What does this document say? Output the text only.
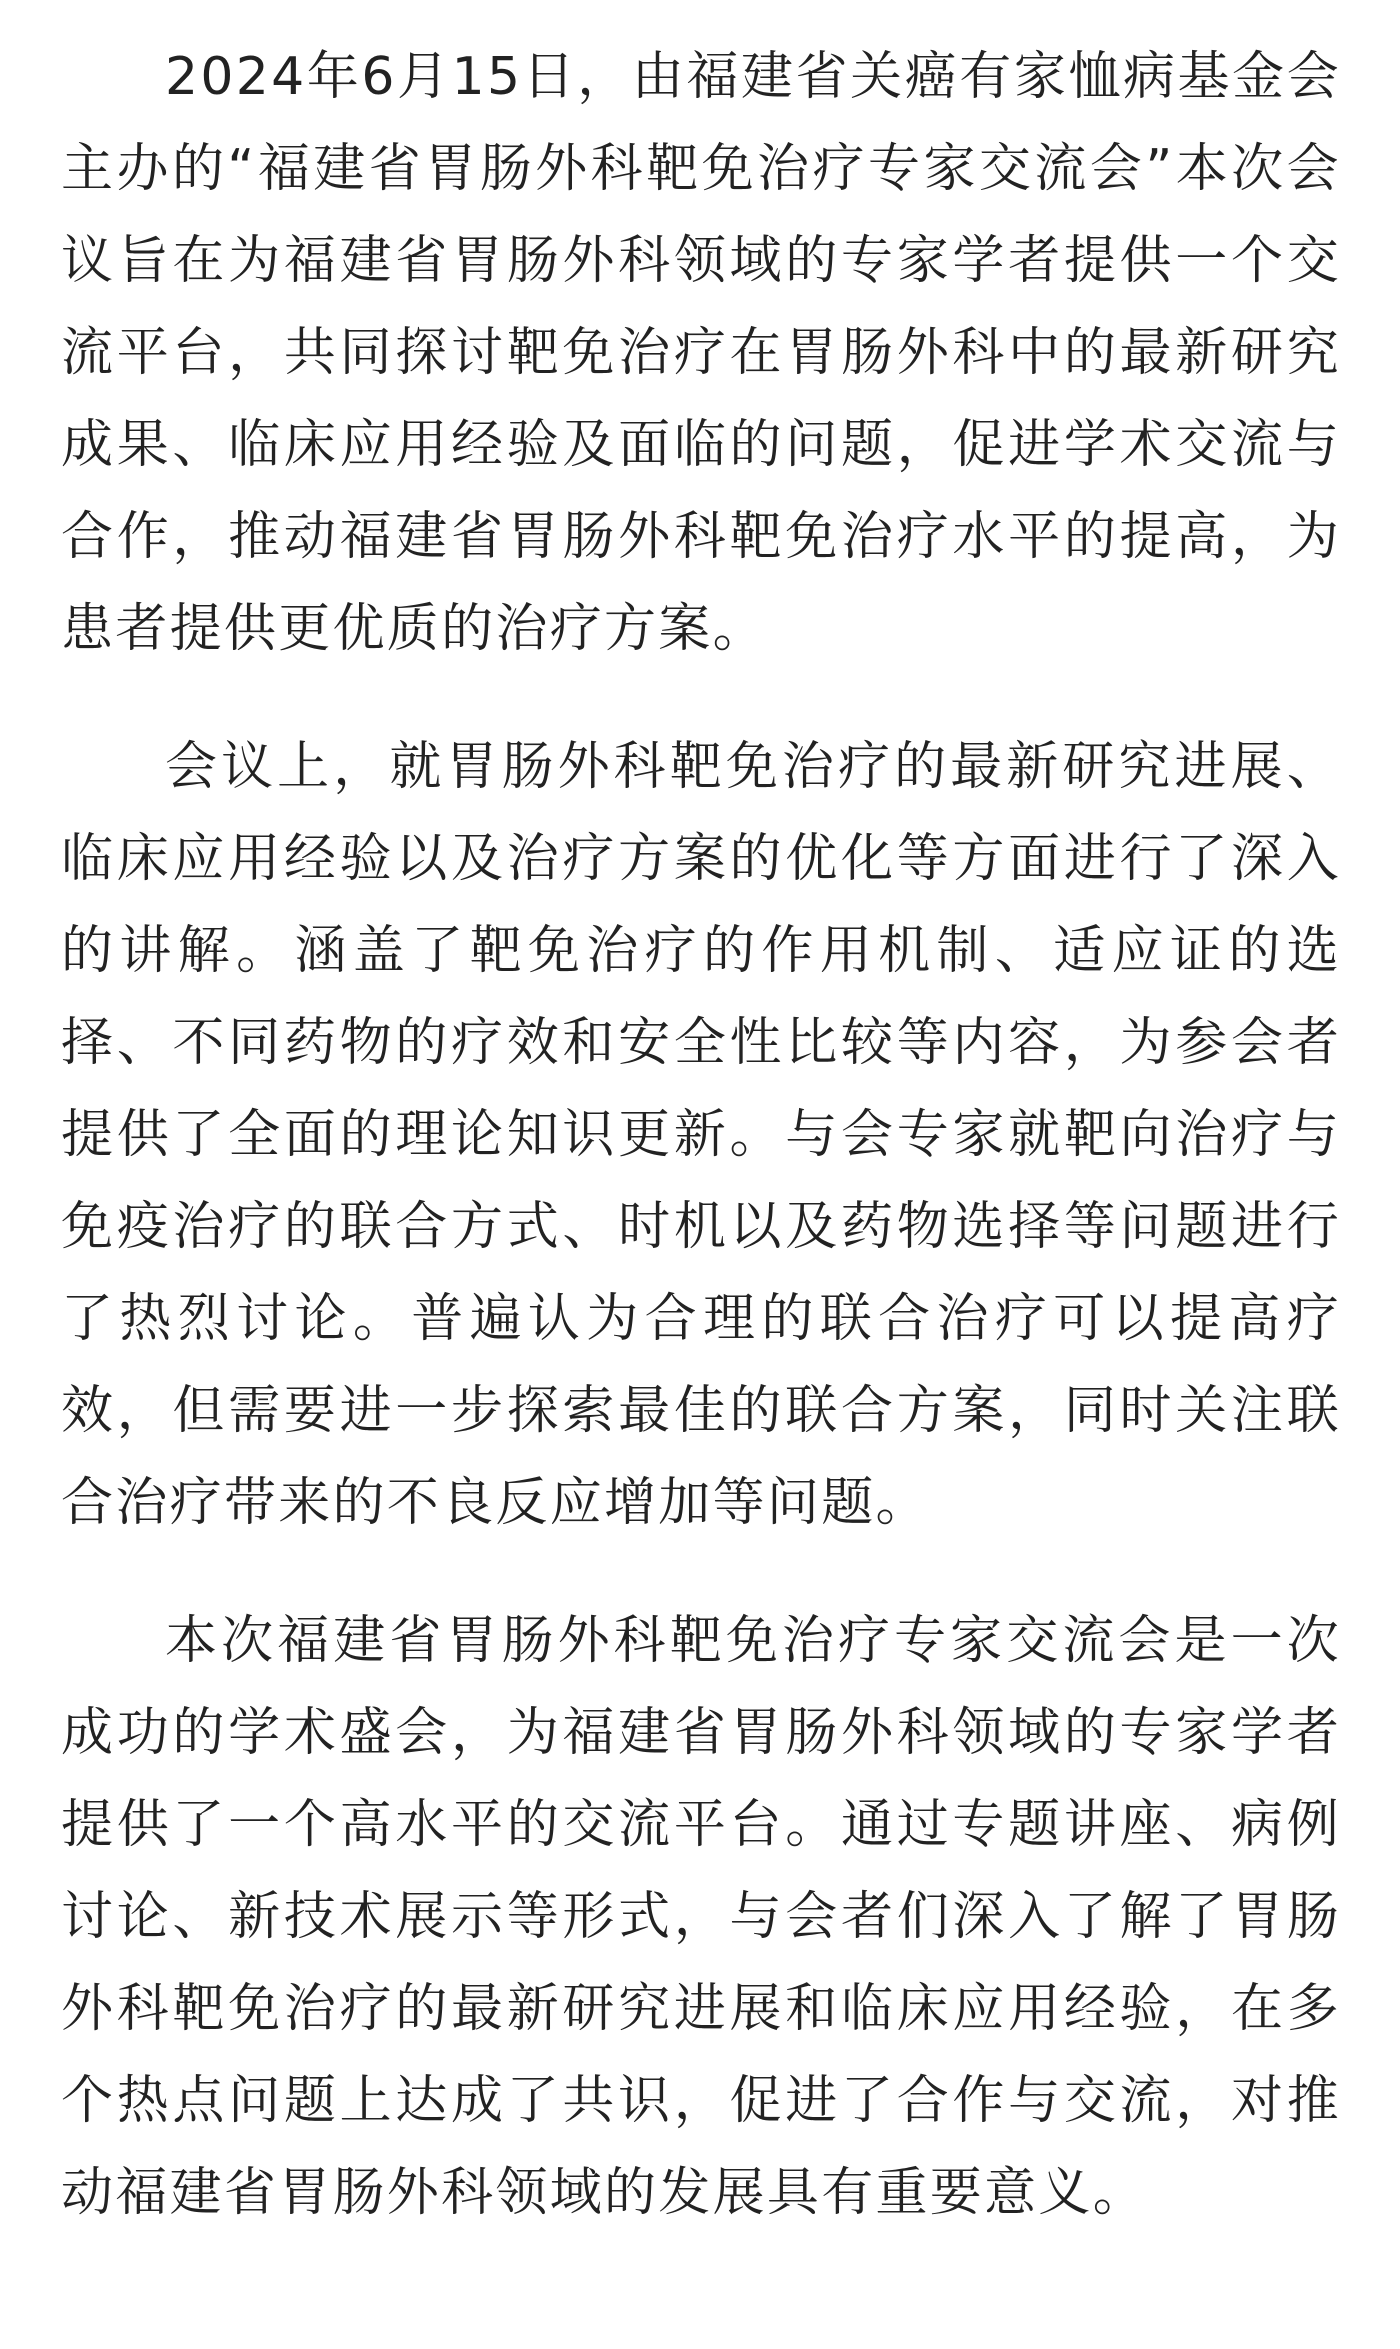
2024年6月15日，由福建省关癌有家恤病基金会主办的“福建省胃肠外科靶免治疗专家交流会”本次会议旨在为福建省胃肠外科领域的专家学者提供一个交流平台，共同探讨靶免治疗在胃肠外科中的最新研究成果、临床应用经验及面临的问题，促进学术交流与合作，推动福建省胃肠外科靶免治疗水平的提高，为患者提供更优质的治疗方案。

会议上，就胃肠外科靶免治疗的最新研究进展、临床应用经验以及治疗方案的优化等方面进行了深入的讲解。涵盖了靶免治疗的作用机制、适应证的选择、不同药物的疗效和安全性比较等内容，为参会者提供了全面的理论知识更新。与会专家就靶向治疗与免疫治疗的联合方式、时机以及药物选择等问题进行了热烈讨论。普遍认为合理的联合治疗可以提高疗效，但需要进一步探索最佳的联合方案，同时关注联合治疗带来的不良反应增加等问题。

本次福建省胃肠外科靶免治疗专家交流会是一次成功的学术盛会，为福建省胃肠外科领域的专家学者提供了一个高水平的交流平台。通过专题讲座、病例讨论、新技术展示等形式，与会者们深入了解了胃肠外科靶免治疗的最新研究进展和临床应用经验，在多个热点问题上达成了共识，促进了合作与交流，对推动福建省胃肠外科领域的发展具有重要意义。
